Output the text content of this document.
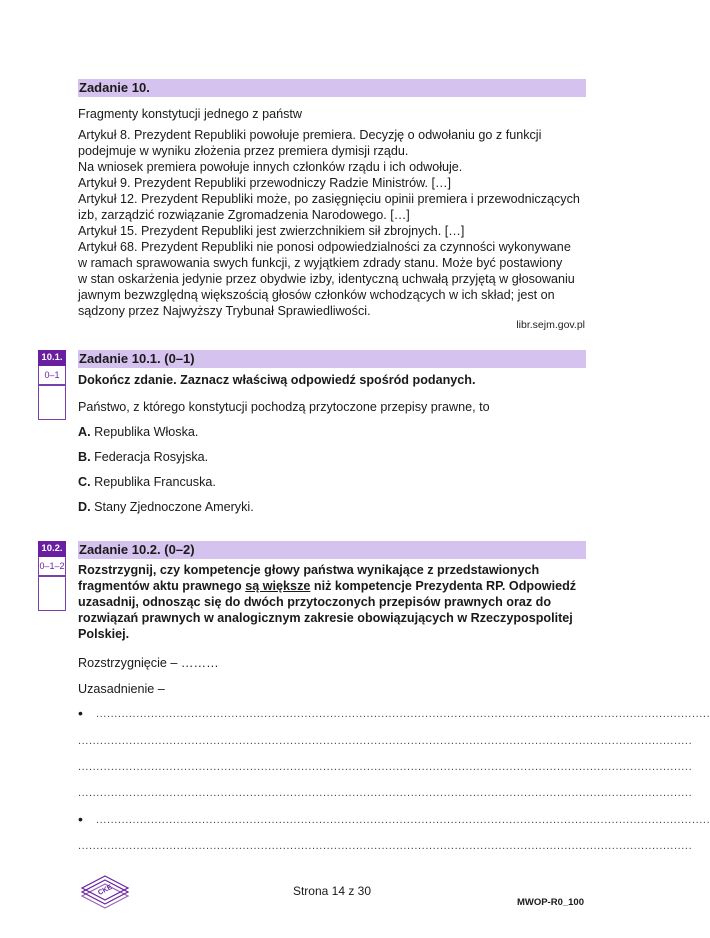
Zadanie 10.
Fragmenty konstytucji jednego z państw
Artykuł 8. Prezydent Republiki powołuje premiera. Decyzję o odwołaniu go z funkcji
podejmuje w wyniku złożenia przez premiera dymisji rządu.
Na wniosek premiera powołuje innych członków rządu i ich odwołuje.
Artykuł 9. Prezydent Republiki przewodniczy Radzie Ministrów. […]
Artykuł 12. Prezydent Republiki może, po zasięgnięciu opinii premiera i przewodniczących
izb, zarządzić rozwiązanie Zgromadzenia Narodowego. […]
Artykuł 15. Prezydent Republiki jest zwierzchnikiem sił zbrojnych. […]
Artykuł 68. Prezydent Republiki nie ponosi odpowiedzialności za czynności wykonywane
w ramach sprawowania swych funkcji, z wyjątkiem zdrady stanu. Może być postawiony
w stan oskarżenia jedynie przez obydwie izby, identyczną uchwałą przyjętą w głosowaniu
jawnym bezwzględną większością głosów członków wchodzących w ich skład; jest on
sądzony przez Najwyższy Trybunał Sprawiedliwości.
libr.sejm.gov.pl
10.1.
0–1
Zadanie 10.1. (0–1)
Dokończ zdanie. Zaznacz właściwą odpowiedź spośród podanych.
Państwo, z którego konstytucji pochodzą przytoczone przepisy prawne, to
A. Republika Włoska.
B. Federacja Rosyjska.
C. Republika Francuska.
D. Stany Zjednoczone Ameryki.
10.2.
0–1–2
Zadanie 10.2. (0–2)
Rozstrzygnij, czy kompetencje głowy państwa wynikające z przedstawionych
fragmentów aktu prawnego są większe niż kompetencje Prezydenta RP. Odpowiedź
uzasadnij, odnosząc się do dwóch przytoczonych przepisów prawnych oraz do
rozwiązań prawnych w analogicznym zakresie obowiązujących w Rzeczypospolitej
Polskiej.
Rozstrzygnięcie – ………
Uzasadnienie –
• ........................................................................................................................................................................
........................................................................................................................................................................
........................................................................................................................................................................
........................................................................................................................................................................
• ........................................................................................................................................................................
........................................................................................................................................................................
CKE	Strona 14 z 30
MWOP-R0_100
